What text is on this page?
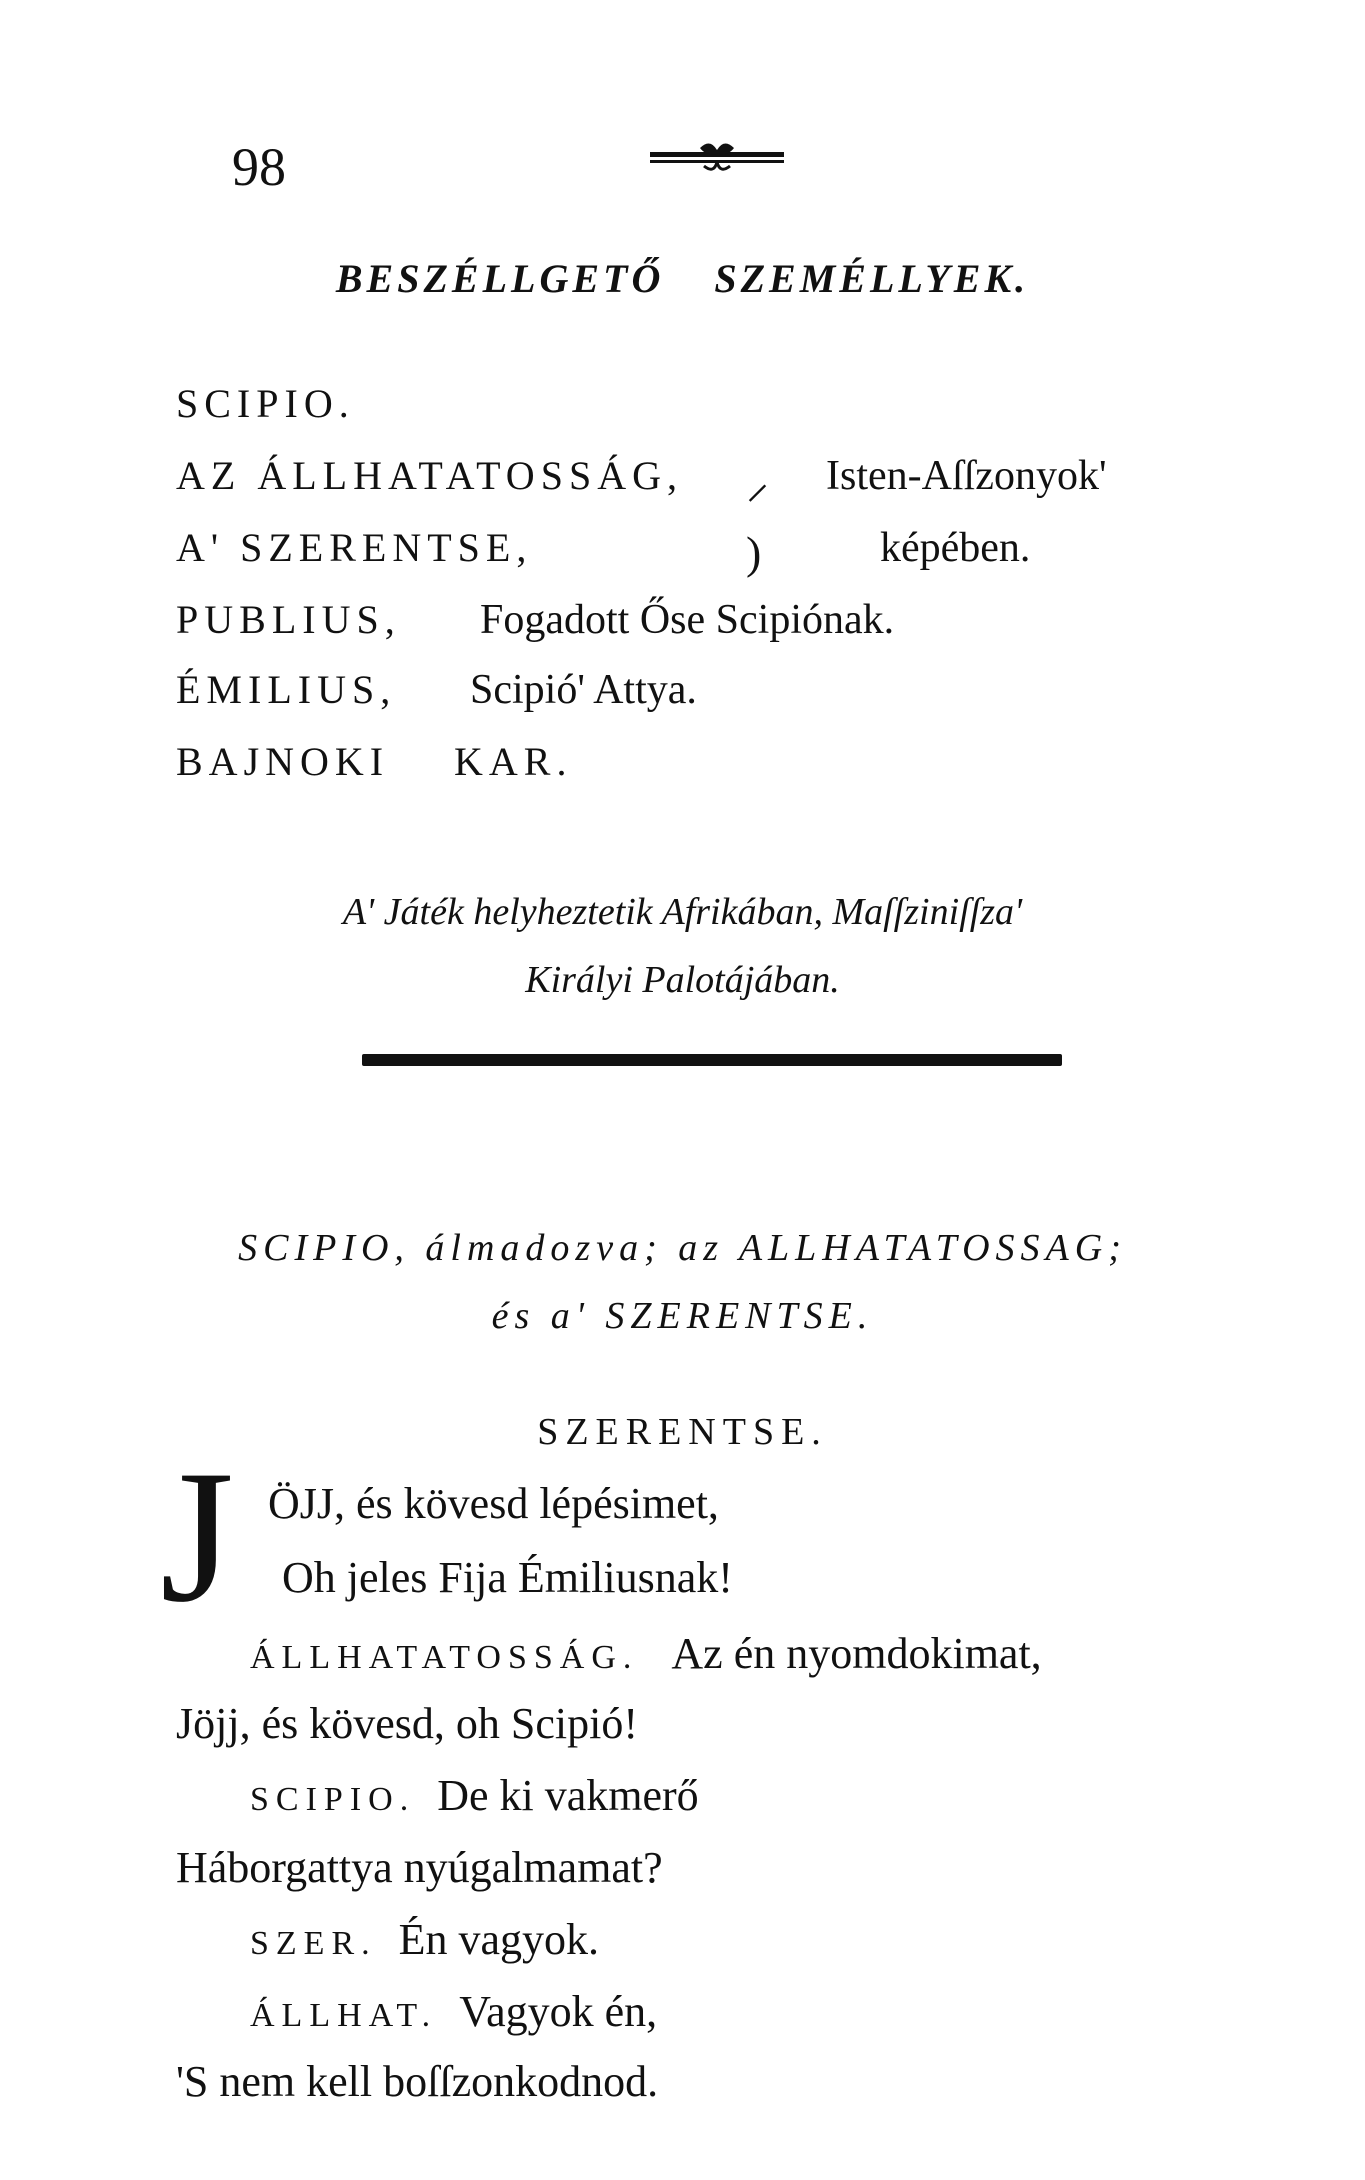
98
BESZÉLLGETŐ SZEMÉLLYEK.
SCIPIO.
AZ ÁLLHATATOSSÁG, ⸝ Isten-Aſſzonyok'
A' SZERENTSE,	)	képében.
PUBLIUS, Fogadott Őse Scipiónak.
ÉMILIUS, Scipió' Attya.
BAJNOKI KAR.
A' Játék helyheztetik Afrikában, Maſſziniſſza'
Királyi Palotájában.
SCIPIO, álmadozva; az ALLHATATOSSAG;
és a' SZERENTSE.
SZERENTSE.
J ÖJJ, és kövesd lépésimet,
Oh jeles Fija Émiliusnak!
ÁLLHATATOSSÁG. Az én nyomdokimat,
Jöjj, és kövesd, oh Scipió!
SCIPIO. De ki vakmerő
Háborgattya nyúgalmamat?
SZER. Én vagyok.
ÁLLHAT. Vagyok én,
'S nem kell boſſzonkodnod.
